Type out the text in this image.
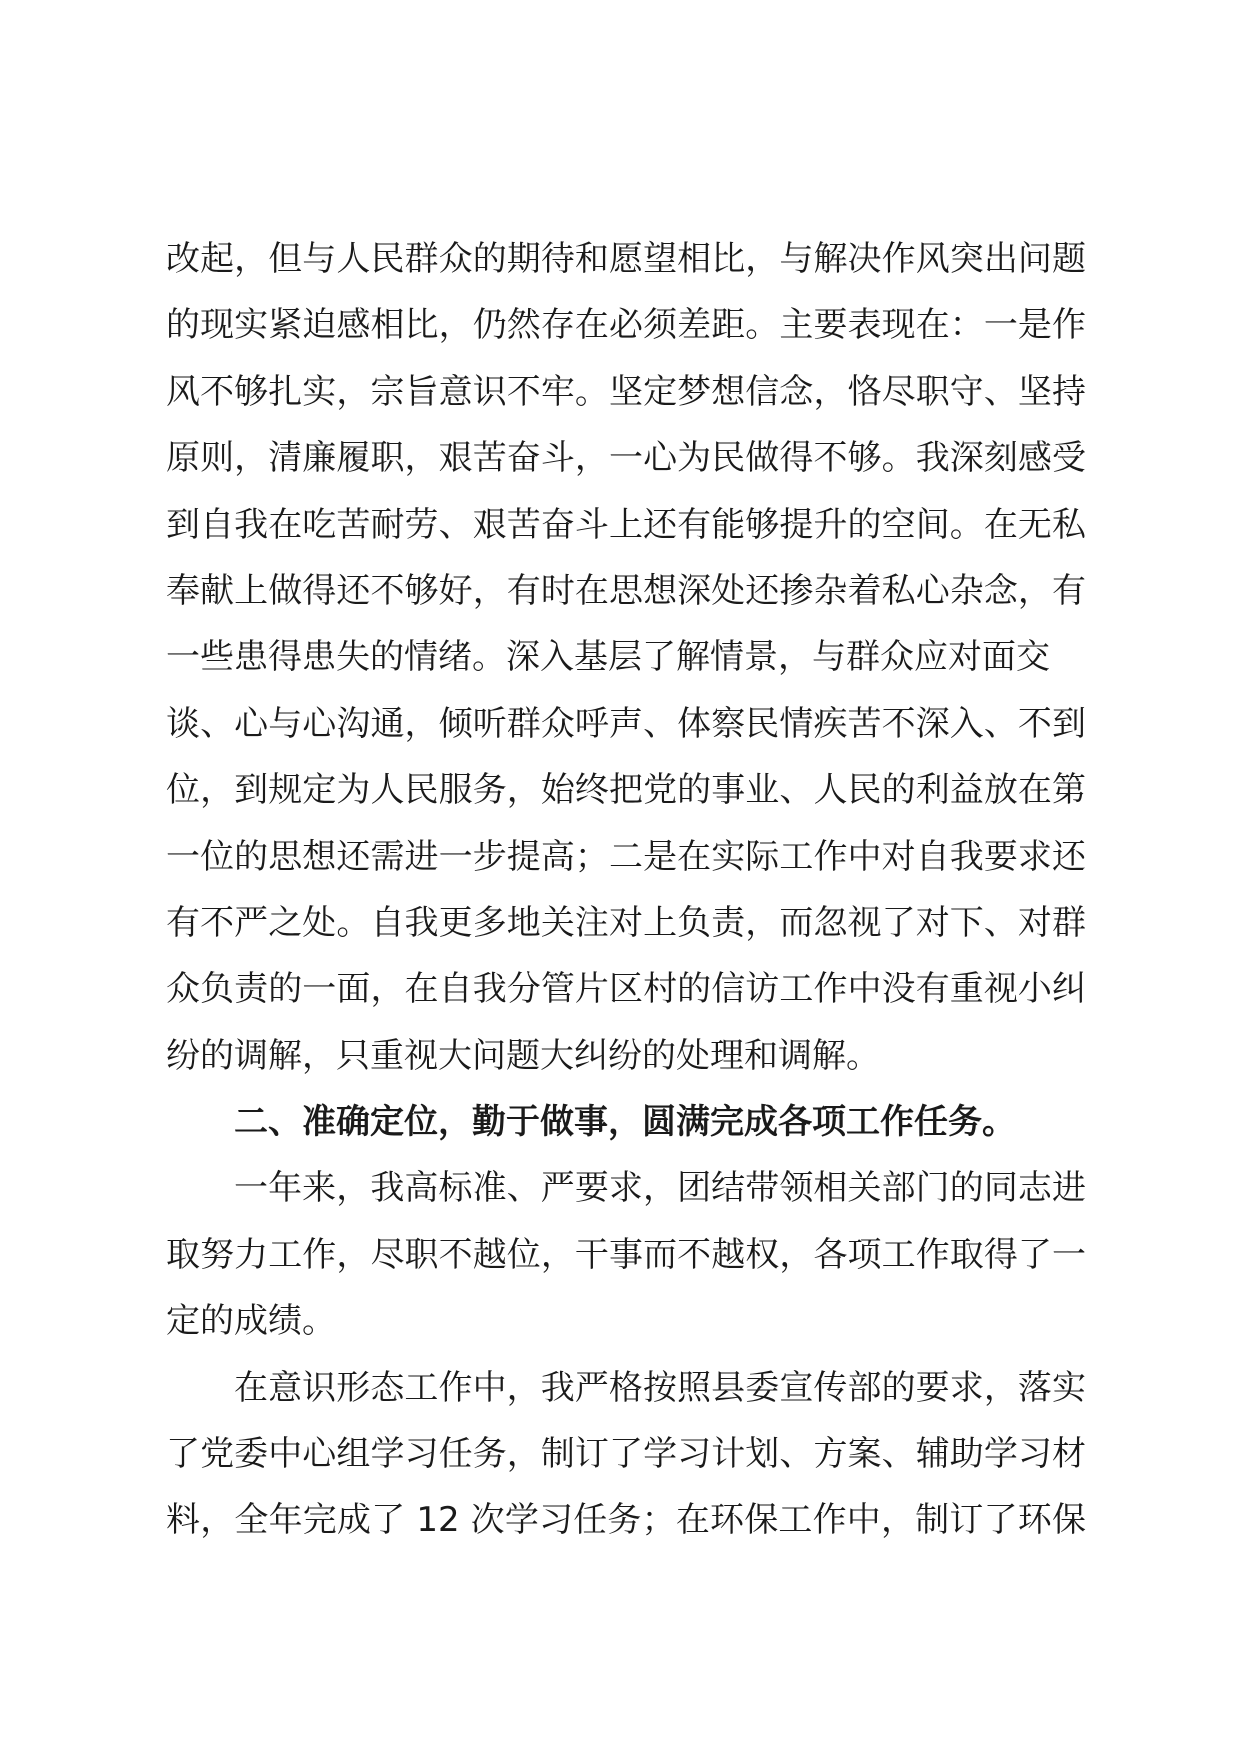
改起，但与人民群众的期待和愿望相比，与解决作风突出问题
的现实紧迫感相比，仍然存在必须差距。主要表现在：一是作
风不够扎实，宗旨意识不牢。坚定梦想信念，恪尽职守、坚持
原则，清廉履职，艰苦奋斗，一心为民做得不够。我深刻感受
到自我在吃苦耐劳、艰苦奋斗上还有能够提升的空间。在无私
奉献上做得还不够好，有时在思想深处还掺杂着私心杂念，有
一些患得患失的情绪。深入基层了解情景，与群众应对面交
谈、心与心沟通，倾听群众呼声、体察民情疾苦不深入、不到
位，到规定为人民服务，始终把党的事业、人民的利益放在第
一位的思想还需进一步提高；二是在实际工作中对自我要求还
有不严之处。自我更多地关注对上负责，而忽视了对下、对群
众负责的一面，在自我分管片区村的信访工作中没有重视小纠
纷的调解，只重视大问题大纠纷的处理和调解。
二、准确定位，勤于做事，圆满完成各项工作任务。
一年来，我高标准、严要求，团结带领相关部门的同志进
取努力工作，尽职不越位，干事而不越权，各项工作取得了一
定的成绩。
在意识形态工作中，我严格按照县委宣传部的要求，落实
了党委中心组学习任务，制订了学习计划、方案、辅助学习材
料，全年完成了 12 次学习任务；在环保工作中，制订了环保
